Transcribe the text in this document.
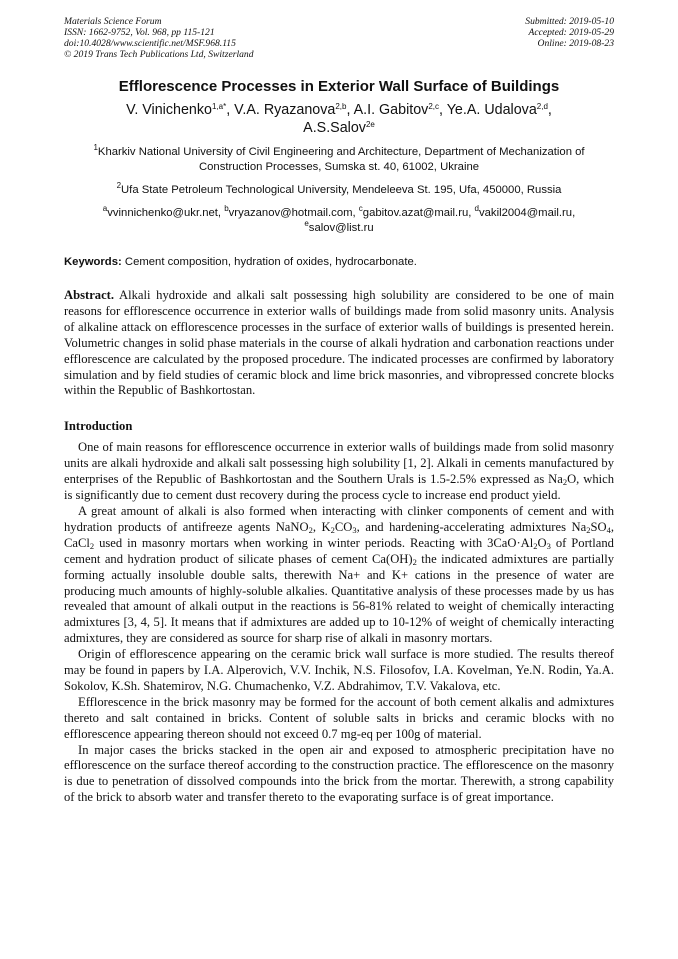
Materials Science Forum
ISSN: 1662-9752, Vol. 968, pp 115-121
doi:10.4028/www.scientific.net/MSF.968.115
© 2019 Trans Tech Publications Ltd, Switzerland
Submitted: 2019-05-10
Accepted: 2019-05-29
Online: 2019-08-23
Efflorescence Processes in Exterior Wall Surface of Buildings
V. Vinichenko$^{1,a*}$, V.A. Ryazanova$^{2,b}$, A.I. Gabitov$^{2,c}$, Ye.A. Udalova$^{2,d}$,
A.S.Salov$^{2e}$
$^1$Kharkiv National University of Civil Engineering and Architecture, Department of Mechanization of Construction Processes, Sumska st. 40, 61002, Ukraine
$^2$Ufa State Petroleum Technological University, Mendeleeva St. 195, Ufa, 450000, Russia
$^a$vvinnichenko@ukr.net, $^b$vryazanov@hotmail.com, $^c$gabitov.azat@mail.ru, $^d$vakil2004@mail.ru,
$^e$salov@list.ru
Keywords: Cement composition, hydration of oxides, hydrocarbonate.
Abstract. Alkali hydroxide and alkali salt possessing high solubility are considered to be one of main reasons for efflorescence occurrence in exterior walls of buildings made from solid masonry units. Analysis of alkaline attack on efflorescence processes in the surface of exterior walls of buildings is presented herein. Volumetric changes in solid phase materials in the course of alkali hydration and carbonation reactions under efflorescence are calculated by the proposed procedure. The indicated processes are confirmed by laboratory simulation and by field studies of ceramic block and lime brick masonries, and vibropressed concrete blocks within the Republic of Bashkortostan.
Introduction

One of main reasons for efflorescence occurrence in exterior walls of buildings made from solid masonry units are alkali hydroxide and alkali salt possessing high solubility [1, 2]. Alkali in cements manufactured by enterprises of the Republic of Bashkortostan and the Southern Urals is 1.5-2.5% expressed as $Na_2O$, which is significantly due to cement dust recovery during the process cycle to increase end product yield.

A great amount of alkali is also formed when interacting with clinker components of cement and with hydration products of antifreeze agents NaNO$_2$, $K_2CO_3$, and hardening-accelerating admixtures $Na_2SO_4$, CaCl$_2$ used in masonry mortars when working in winter periods. Reacting with $3CaO\cdot Al_2O_3$ of Portland cement and hydration product of silicate phases of cement $Ca(OH)_2$ the indicated admixtures are partially forming actually insoluble double salts, therewith Na+ and K+ cations in the presence of water are producing much amounts of highly-soluble alkalies. Quantitative analysis of these processes made by us has revealed that amount of alkali output in the reactions is 56-81% related to weight of chemically interacting admixtures [3, 4, 5]. It means that if admixtures are added up to 10-12% of weight of chemically interacting admixtures, they are considered as source for sharp rise of alkali in masonry mortars.

Origin of efflorescence appearing on the ceramic brick wall surface is more studied. The results thereof may be found in papers by I.A. Alperovich, V.V. Inchik, N.S. Filosofov, I.A. Kovelman, Ye.N. Rodin, Ya.A. Sokolov, K.Sh. Shatemirov, N.G. Chumachenko, V.Z. Abdrahimov, T.V. Vakalova, etc.

Efflorescence in the brick masonry may be formed for the account of both cement alkalis and admixtures thereto and salt contained in bricks. Content of soluble salts in bricks and ceramic blocks with no efflorescence appearing thereon should not exceed 0.7 mg-eq per 100g of material.

In major cases the bricks stacked in the open air and exposed to atmospheric precipitation have no efflorescence on the surface thereof according to the construction practice. The efflorescence on the masonry is due to penetration of dissolved compounds into the brick from the mortar. Therewith, a strong capability of the brick to absorb water and transfer thereto to the evaporating surface is of great importance.
